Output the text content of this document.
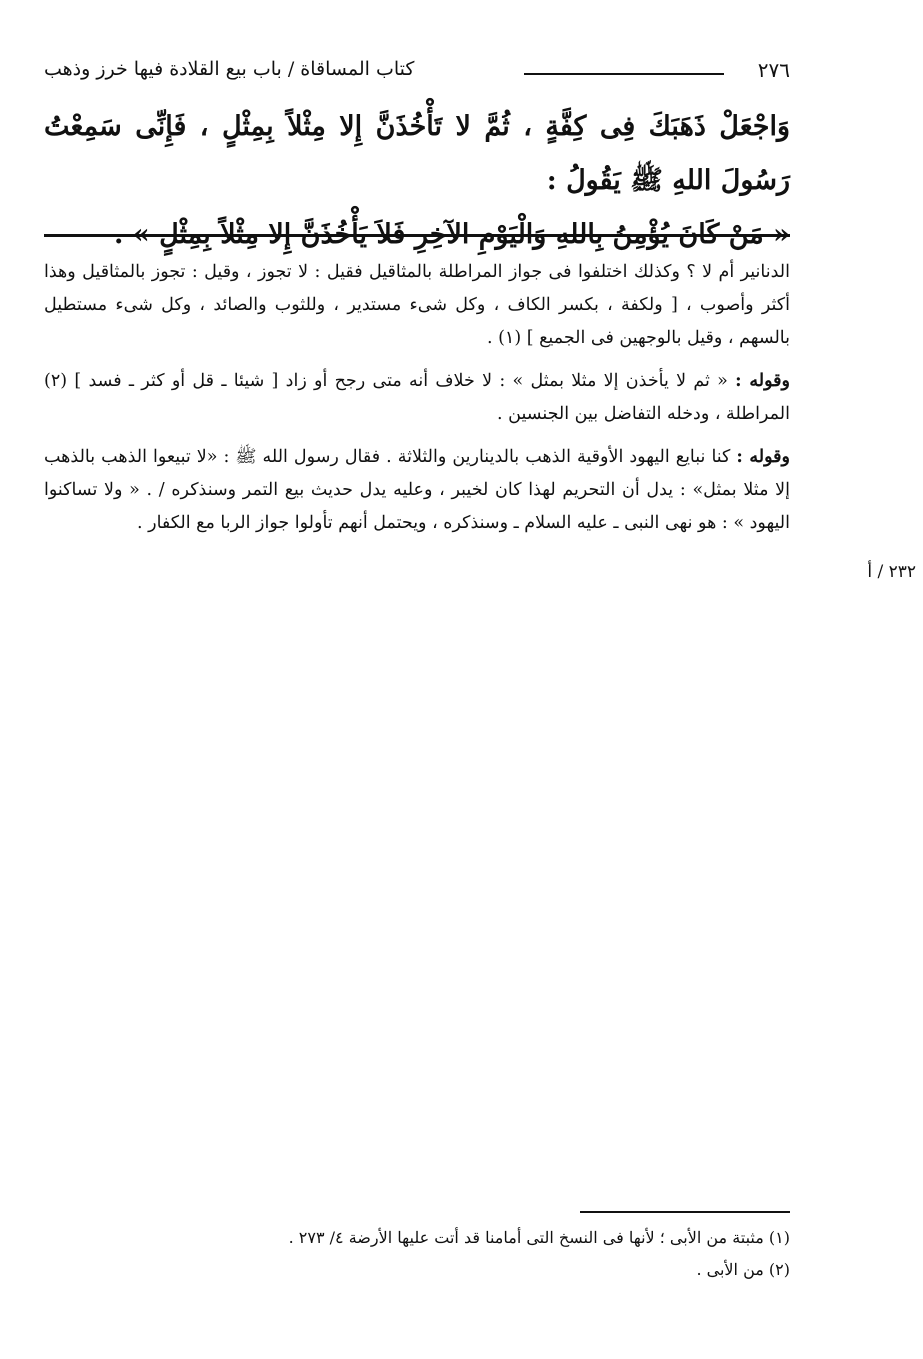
٢٧٦
كتاب المساقاة / باب بيع القلادة فيها خرز وذهب

وَاجْعَلْ ذَهَبَكَ فِى كِفَّةٍ ، ثُمَّ لا تَأْخُذَنَّ إِلا مِثْلاً بِمِثْلٍ ، فَإِنِّى سَمِعْتُ رَسُولَ اللهِ ﷺ يَقُولُ :

« مَنْ كَانَ يُؤْمِنُ بِاللهِ وَالْيَوْمِ الآخِرِ فَلاَ يَأْخُذَنَّ إِلا مِثْلاً بِمِثْلٍ » .

الدنانير أم لا ؟ وكذلك اختلفوا فى جواز المراطلة بالمثاقيل فقيل : لا تجوز ، وقيل : تجوز بالمثاقيل وهذا أكثر وأصوب ، [ ولكفة ، بكسر الكاف ، وكل شىء مستدير ، وللثوب والصائد ، وكل شىء مستطيل بالسهم ، وقيل بالوجهين فى الجميع ] (١) .

وقوله : « ثم لا يأخذن إلا مثلا بمثل » : لا خلاف أنه متى رجح أو زاد [ شيئا ـ قل أو كثر ـ فسد ] (٢) المراطلة ، ودخله التفاضل بين الجنسين .

وقوله : كنا نبايع اليهود الأوقية الذهب بالدينارين والثلاثة . فقال رسول الله ﷺ : «لا تبيعوا الذهب بالذهب إلا مثلا بمثل» : يدل أن التحريم لهذا كان لخيبر ، وعليه يدل حديث بيع التمر وسنذكره / . « ولا تساكنوا اليهود » : هو نهى النبى ـ عليه السلام ـ وسنذكره ، ويحتمل أنهم تأولوا جواز الربا مع الكفار .

٢٣٢ / أ

(١) مثبتة من الأبى ؛ لأنها فى النسخ التى أمامنا قد أتت عليها الأرضة ٤/ ٢٧٣ .

(٢) من الأبى .
